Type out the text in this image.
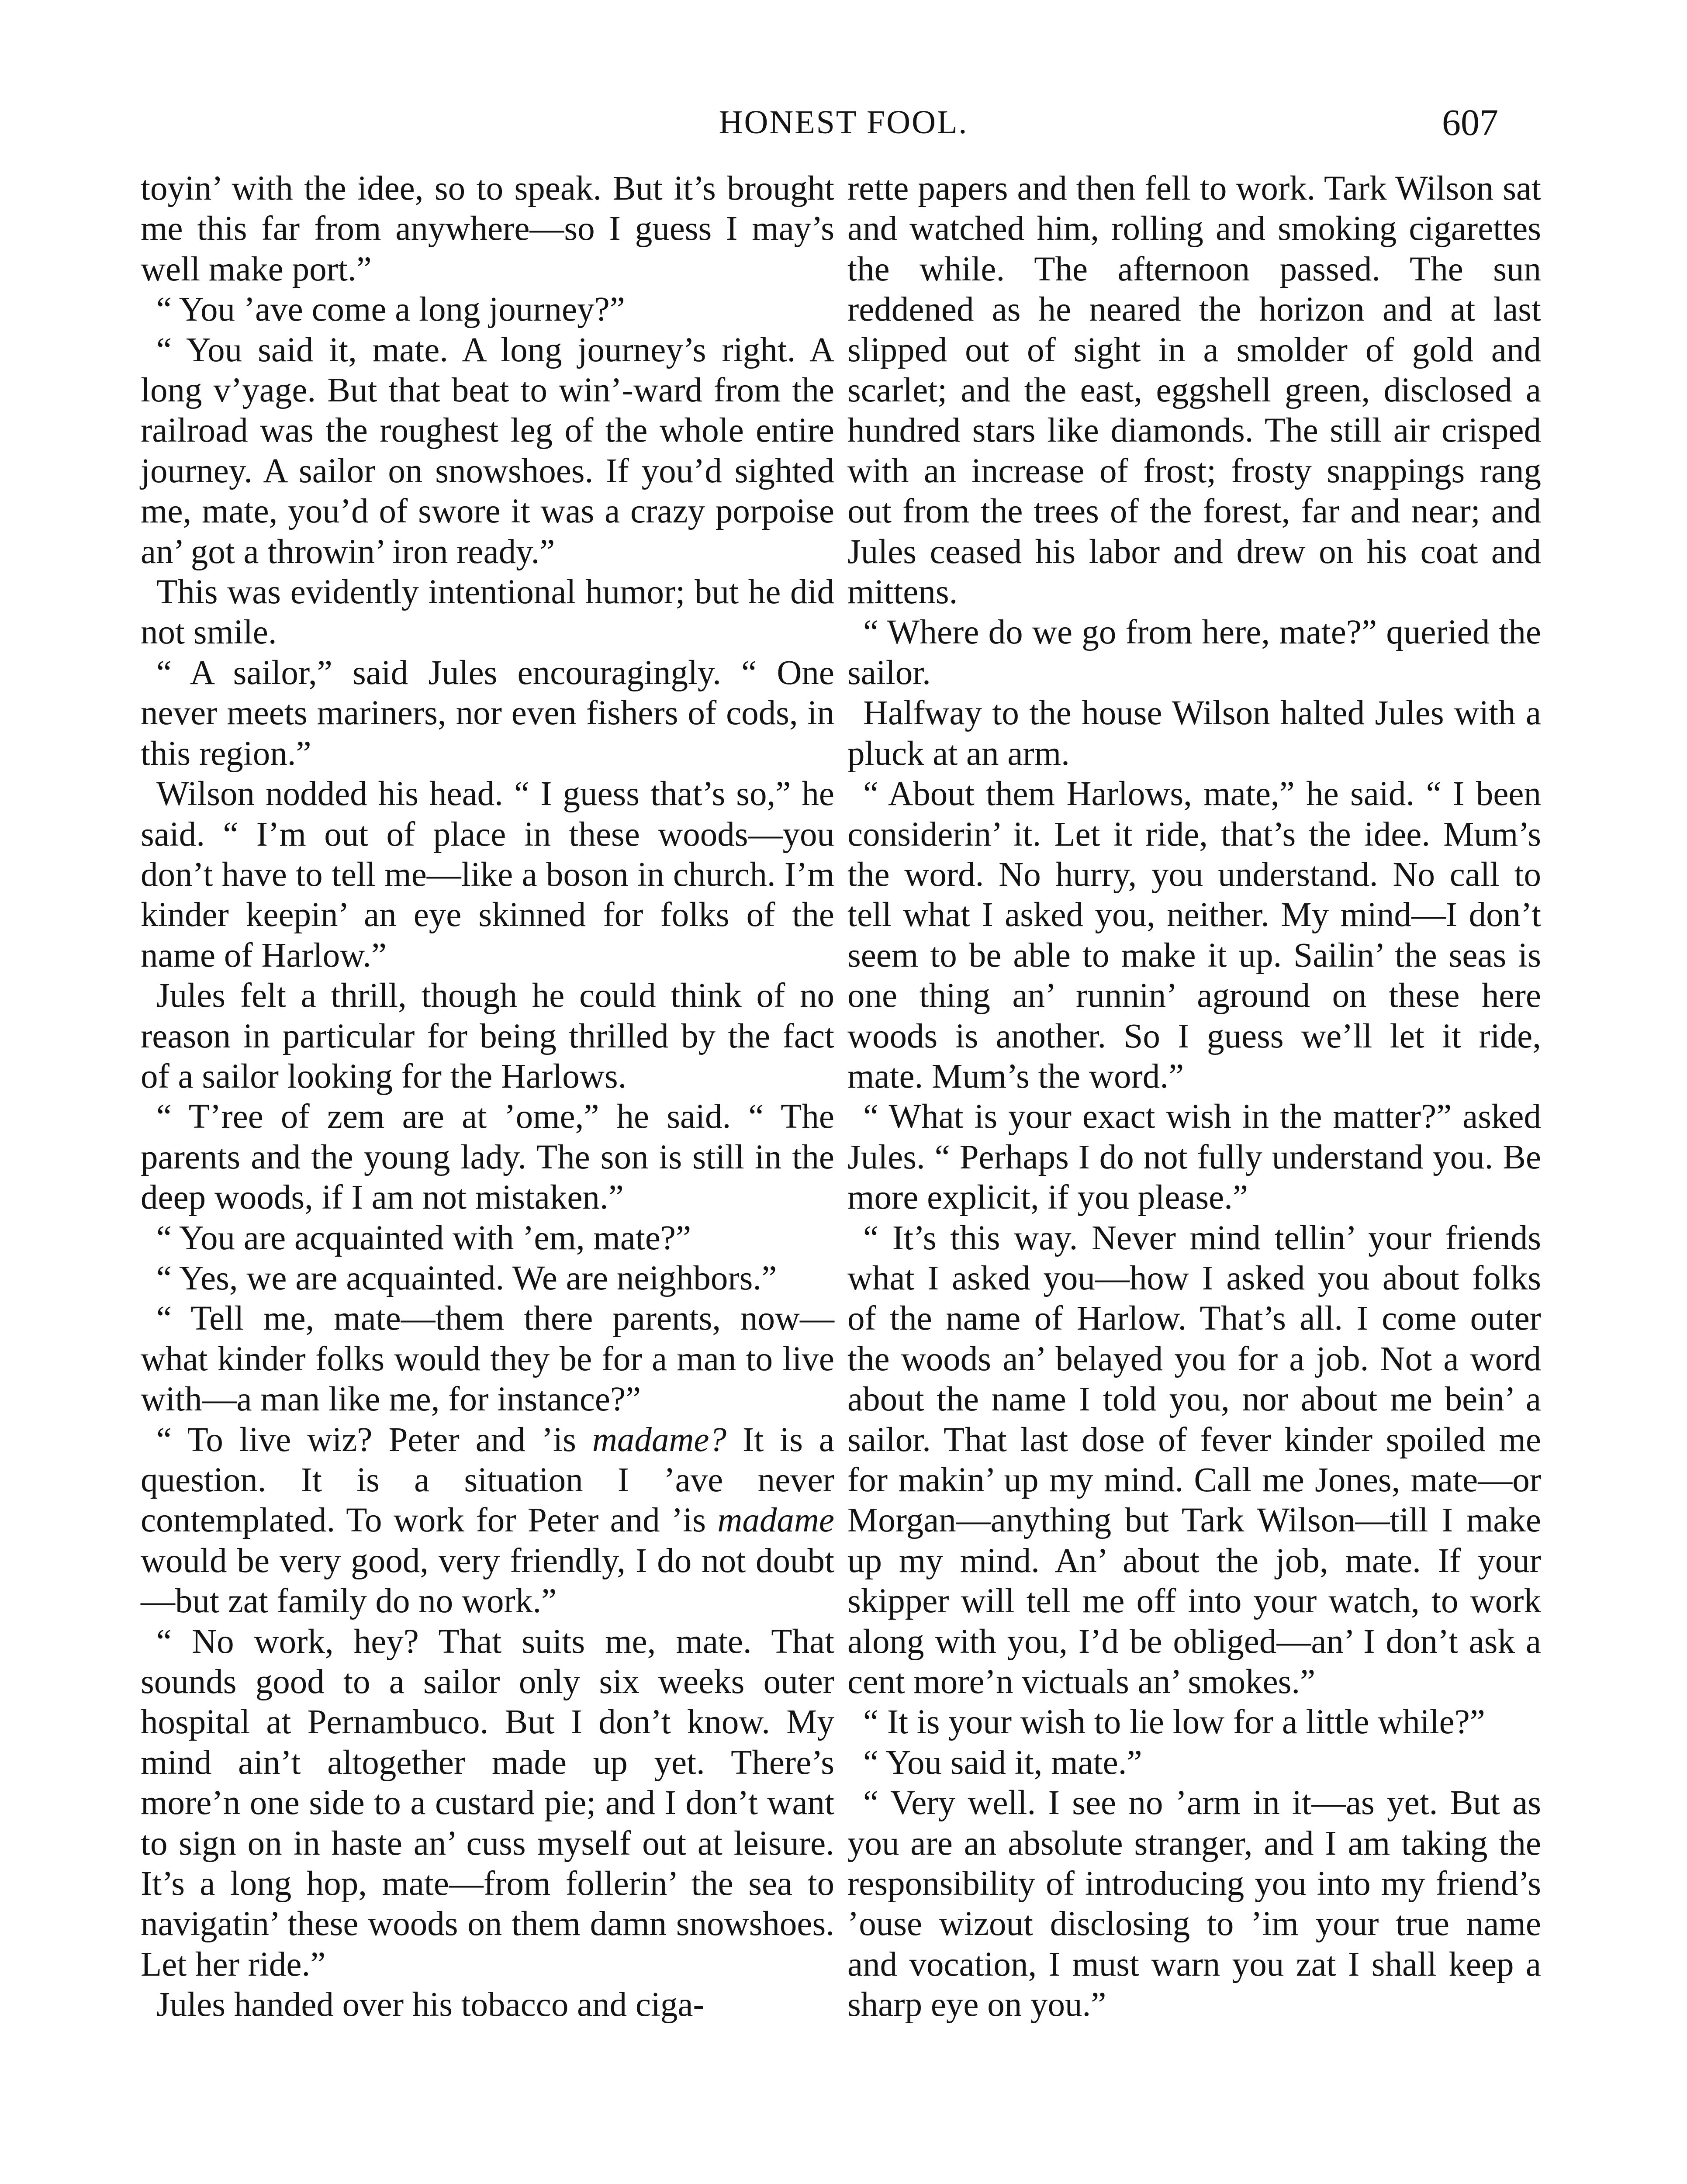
HONEST FOOL.	607

toyin’ with the idee, so to speak. But it’s brought me this far from anywhere—so I guess I may’s well make port.”

“ You ’ave come a long journey?”

“ You said it, mate. A long journey’s right. A long v’yage. But that beat to win’-ward from the railroad was the roughest leg of the whole entire journey. A sailor on snowshoes. If you’d sighted me, mate, you’d of swore it was a crazy porpoise an’ got a throwin’ iron ready.”

This was evidently intentional humor; but he did not smile.

“ A sailor,” said Jules encouragingly. “ One never meets mariners, nor even fishers of cods, in this region.”

Wilson nodded his head. “ I guess that’s so,” he said. “ I’m out of place in these woods—you don’t have to tell me—like a boson in church. I’m kinder keepin’ an eye skinned for folks of the name of Harlow.”

Jules felt a thrill, though he could think of no reason in particular for being thrilled by the fact of a sailor looking for the Harlows.

“ T’ree of zem are at ’ome,” he said. “ The parents and the young lady. The son is still in the deep woods, if I am not mistaken.”

“ You are acquainted with ’em, mate?”

“ Yes, we are acquainted. We are neighbors.”

“ Tell me, mate—them there parents, now—what kinder folks would they be for a man to live with—a man like me, for instance?”

“ To live wiz? Peter and ’is madame? It is a question. It is a situation I ’ave never contemplated. To work for Peter and ’is madame would be very good, very friendly, I do not doubt—but zat family do no work.”

“ No work, hey? That suits me, mate. That sounds good to a sailor only six weeks outer hospital at Pernambuco. But I don’t know. My mind ain’t altogether made up yet. There’s more’n one side to a custard pie; and I don’t want to sign on in haste an’ cuss myself out at leisure. It’s a long hop, mate—from follerin’ the sea to navigatin’ these woods on them damn snowshoes. Let her ride.”

Jules handed over his tobacco and ciga-

rette papers and then fell to work. Tark Wilson sat and watched him, rolling and smoking cigarettes the while. The afternoon passed. The sun reddened as he neared the horizon and at last slipped out of sight in a smolder of gold and scarlet; and the east, eggshell green, disclosed a hundred stars like diamonds. The still air crisped with an increase of frost; frosty snappings rang out from the trees of the forest, far and near; and Jules ceased his labor and drew on his coat and mittens.

“ Where do we go from here, mate?” queried the sailor.

Halfway to the house Wilson halted Jules with a pluck at an arm.

“ About them Harlows, mate,” he said. “ I been considerin’ it. Let it ride, that’s the idee. Mum’s the word. No hurry, you understand. No call to tell what I asked you, neither. My mind—I don’t seem to be able to make it up. Sailin’ the seas is one thing an’ runnin’ aground on these here woods is another. So I guess we’ll let it ride, mate. Mum’s the word.”

“ What is your exact wish in the matter?” asked Jules. “ Perhaps I do not fully understand you. Be more explicit, if you please.”

“ It’s this way. Never mind tellin’ your friends what I asked you—how I asked you about folks of the name of Harlow. That’s all. I come outer the woods an’ belayed you for a job. Not a word about the name I told you, nor about me bein’ a sailor. That last dose of fever kinder spoiled me for makin’ up my mind. Call me Jones, mate—or Morgan—anything but Tark Wilson—till I make up my mind. An’ about the job, mate. If your skipper will tell me off into your watch, to work along with you, I’d be obliged—an’ I don’t ask a cent more’n victuals an’ smokes.”

“ It is your wish to lie low for a little while?”

“ You said it, mate.”

“ Very well. I see no ’arm in it—as yet. But as you are an absolute stranger, and I am taking the responsibility of introducing you into my friend’s ’ouse wizout disclosing to ’im your true name and vocation, I must warn you zat I shall keep a sharp eye on you.”
